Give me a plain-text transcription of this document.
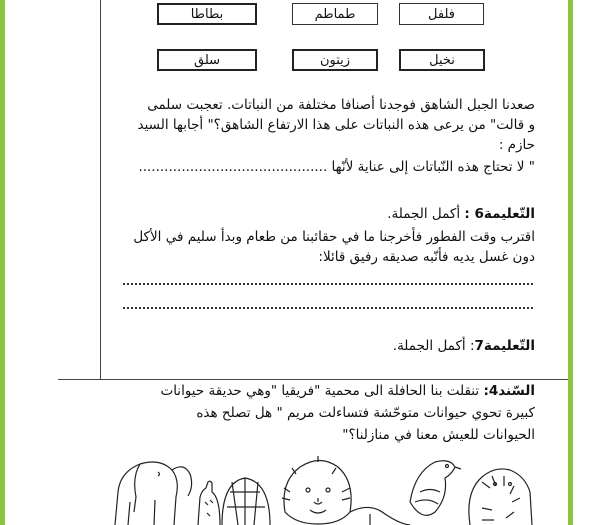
فلفل
طماطم
بطاطا
نخيل
زيتون
سلق
صعدنا الجبل الشاهق فوجدنا أصنافا مختلفة من النباتات. تعجبت سلمى
و قالت" من يرعى هذه النباتات على هذا الارتفاع الشاهق؟" أجابها السيد
حازم :
" لا تحتاج هذه النّباتات إلى عناية لأنّها ............................................
التّعليمة6 : أكمل الجملة.
اقترب وقت الفطور فأخرجنا ما في حقائبنا من طعام وبدأ سليم في الأكل
دون غسل يديه فأنّبه صديقه رفيق قائلا:
التّعليمة7: أكمل الجملة.
السّند4: تنقلت بنا الحافلة الى محمية "فريقيا "وهي حديقة حيوانات
كبيرة تحوي حيوانات متوحّشة فتساءلت مريم " هل تصلح هذه
الحيوانات للعيش معنا في منازلنا؟"
